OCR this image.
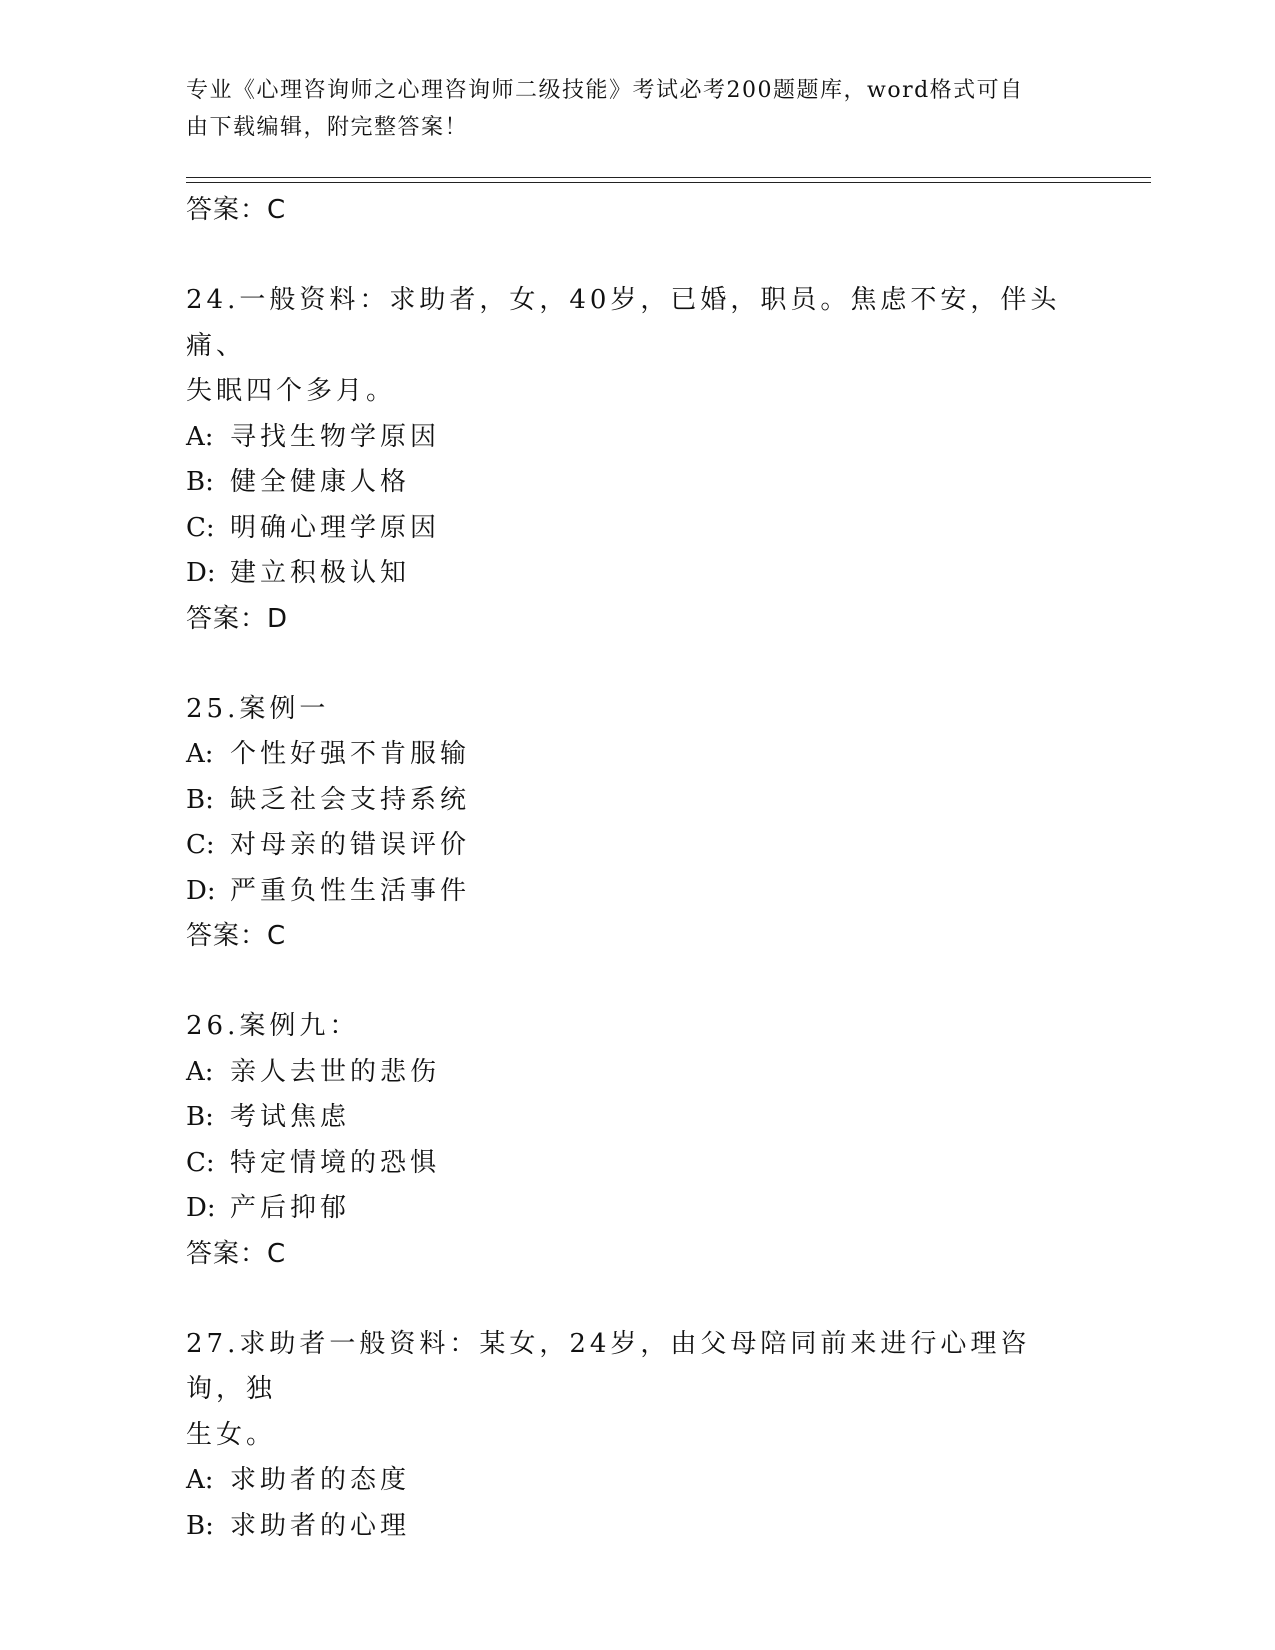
专业《心理咨询师之心理咨询师二级技能》考试必考200题题库，word格式可自
由下载编辑，附完整答案！
答案：C
24.一般资料：求助者，女，40岁，已婚，职员。焦虑不安，伴头痛、
失眠四个多月。
A: 寻找生物学原因
B: 健全健康人格
C: 明确心理学原因
D: 建立积极认知
答案：D
25.案例一
A: 个性好强不肯服输
B: 缺乏社会支持系统
C: 对母亲的错误评价
D: 严重负性生活事件
答案：C
26.案例九：
A: 亲人去世的悲伤
B: 考试焦虑
C: 特定情境的恐惧
D: 产后抑郁
答案：C
27.求助者一般资料：某女，24岁，由父母陪同前来进行心理咨询，独
生女。
A: 求助者的态度
B: 求助者的心理
